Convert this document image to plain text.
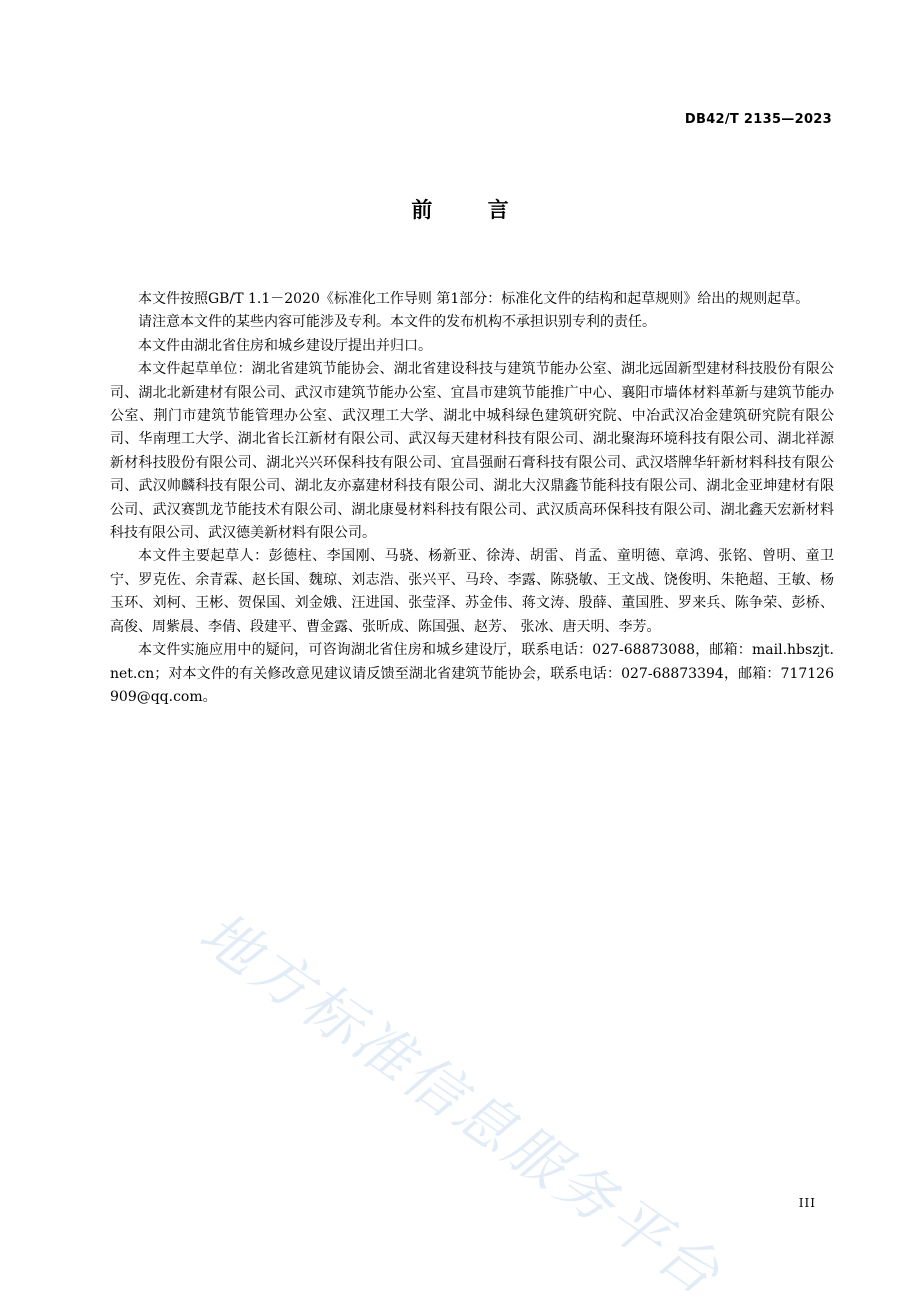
DB42/T 2135—2023
前 言

本文件按照GB/T 1.1－2020《标准化工作导则 第1部分：标准化文件的结构和起草规则》给出的规则起草。

请注意本文件的某些内容可能涉及专利。本文件的发布机构不承担识别专利的责任。

本文件由湖北省住房和城乡建设厅提出并归口。

本文件起草单位：湖北省建筑节能协会、湖北省建设科技与建筑节能办公室、湖北远固新型建材科技股份有限公司、湖北北新建材有限公司、武汉市建筑节能办公室、宜昌市建筑节能推广中心、襄阳市墙体材料革新与建筑节能办公室、荆门市建筑节能管理办公室、武汉理工大学、湖北中城科绿色建筑研究院、中冶武汉冶金建筑研究院有限公司、华南理工大学、湖北省长江新材有限公司、武汉每天建材科技有限公司、湖北聚海环境科技有限公司、湖北祥源新材科技股份有限公司、湖北兴兴环保科技有限公司、宜昌强耐石膏科技有限公司、武汉塔牌华轩新材料科技有限公司、武汉帅麟科技有限公司、湖北友亦嘉建材科技有限公司、湖北大汉鼎鑫节能科技有限公司、湖北金亚坤建材有限公司、武汉赛凯龙节能技术有限公司、湖北康曼材料科技有限公司、武汉质高环保科技有限公司、湖北鑫天宏新材料科技有限公司、武汉德美新材料有限公司。

本文件主要起草人：彭德柱、李国刚、马骁、杨新亚、徐涛、胡雷、肖孟、童明德、章鸿、张铭、曾明、童卫宁、罗克佐、余青霖、赵长国、魏琼、刘志浩、张兴平、马玲、李露、陈骁敏、王文战、饶俊明、朱艳超、王敏、杨玉环、刘柯、王彬、贺保国、刘金娥、汪进国、张莹泽、苏金伟、蒋文涛、殷薛、董国胜、罗来兵、陈争荣、彭桥、高俊、周紫晨、李倩、段建平、曹金露、张昕成、陈国强、赵芳、 张冰、唐天明、李芳。

本文件实施应用中的疑问，可咨询湖北省住房和城乡建设厅，联系电话：027-68873088，邮箱：mail.hbszjt.net.cn；对本文件的有关修改意见建议请反馈至湖北省建筑节能协会，联系电话：027-68873394，邮箱：717126909@qq.com。

地方标准信息服务平台	III
